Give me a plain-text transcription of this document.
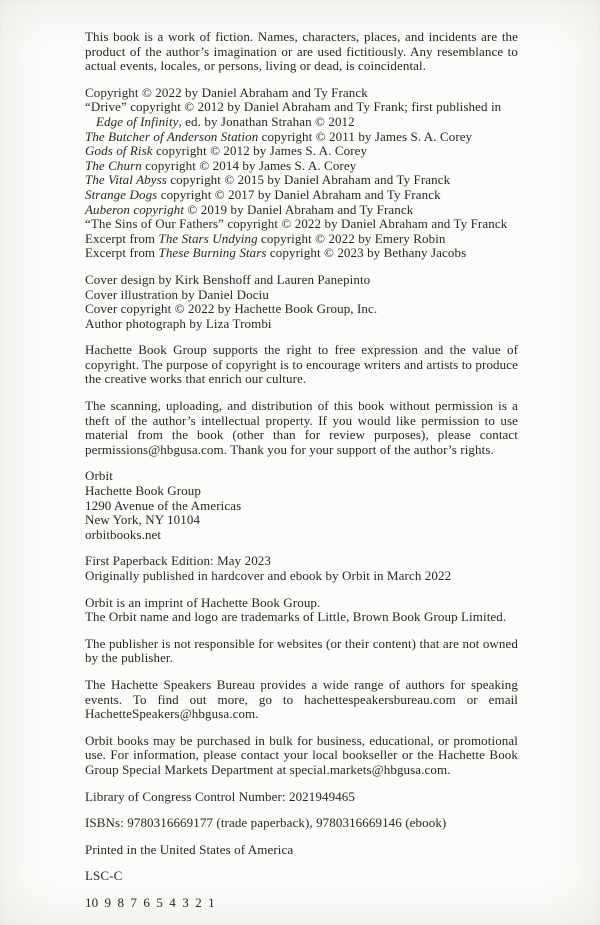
This book is a work of fiction. Names, characters, places, and incidents are the product of the author’s imagination or are used fictitiously. Any resemblance to actual events, locales, or persons, living or dead, is coincidental.

Copyright © 2022 by Daniel Abraham and Ty Franck
“Drive” copyright © 2012 by Daniel Abraham and Ty Frank; first published in Edge of Infinity, ed. by Jonathan Strahan © 2012
The Butcher of Anderson Station copyright © 2011 by James S. A. Corey
Gods of Risk copyright © 2012 by James S. A. Corey
The Churn copyright © 2014 by James S. A. Corey
The Vital Abyss copyright © 2015 by Daniel Abraham and Ty Franck
Strange Dogs copyright © 2017 by Daniel Abraham and Ty Franck
Auberon copyright © 2019 by Daniel Abraham and Ty Franck
“The Sins of Our Fathers” copyright © 2022 by Daniel Abraham and Ty Franck
Excerpt from The Stars Undying copyright © 2022 by Emery Robin
Excerpt from These Burning Stars copyright © 2023 by Bethany Jacobs
Cover design by Kirk Benshoff and Lauren Panepinto
Cover illustration by Daniel Dociu
Cover copyright © 2022 by Hachette Book Group, Inc.
Author photograph by Liza Trombi

Hachette Book Group supports the right to free expression and the value of copyright. The purpose of copyright is to encourage writers and artists to produce the creative works that enrich our culture.

The scanning, uploading, and distribution of this book without permission is a theft of the author’s intellectual property. If you would like permission to use material from the book (other than for review purposes), please contact permissions@hbgusa.com. Thank you for your support of the author’s rights.

Orbit
Hachette Book Group
1290 Avenue of the Americas
New York, NY 10104
orbitbooks.net
First Paperback Edition: May 2023
Originally published in hardcover and ebook by Orbit in March 2022
Orbit is an imprint of Hachette Book Group.
The Orbit name and logo are trademarks of Little, Brown Book Group Limited.

The publisher is not responsible for websites (or their content) that are not owned by the publisher.

The Hachette Speakers Bureau provides a wide range of authors for speaking events. To find out more, go to hachettespeakersbureau.com or email HachetteSpeakers@hbgusa.com.

Orbit books may be purchased in bulk for business, educational, or promotional use. For information, please contact your local bookseller or the Hachette Book Group Special Markets Department at special.markets@hbgusa.com.

Library of Congress Control Number: 2021949465

ISBNs: 9780316669177 (trade paperback), 9780316669146 (ebook)

Printed in the United States of America

LSC-C

10 9 8 7 6 5 4 3 2 1
